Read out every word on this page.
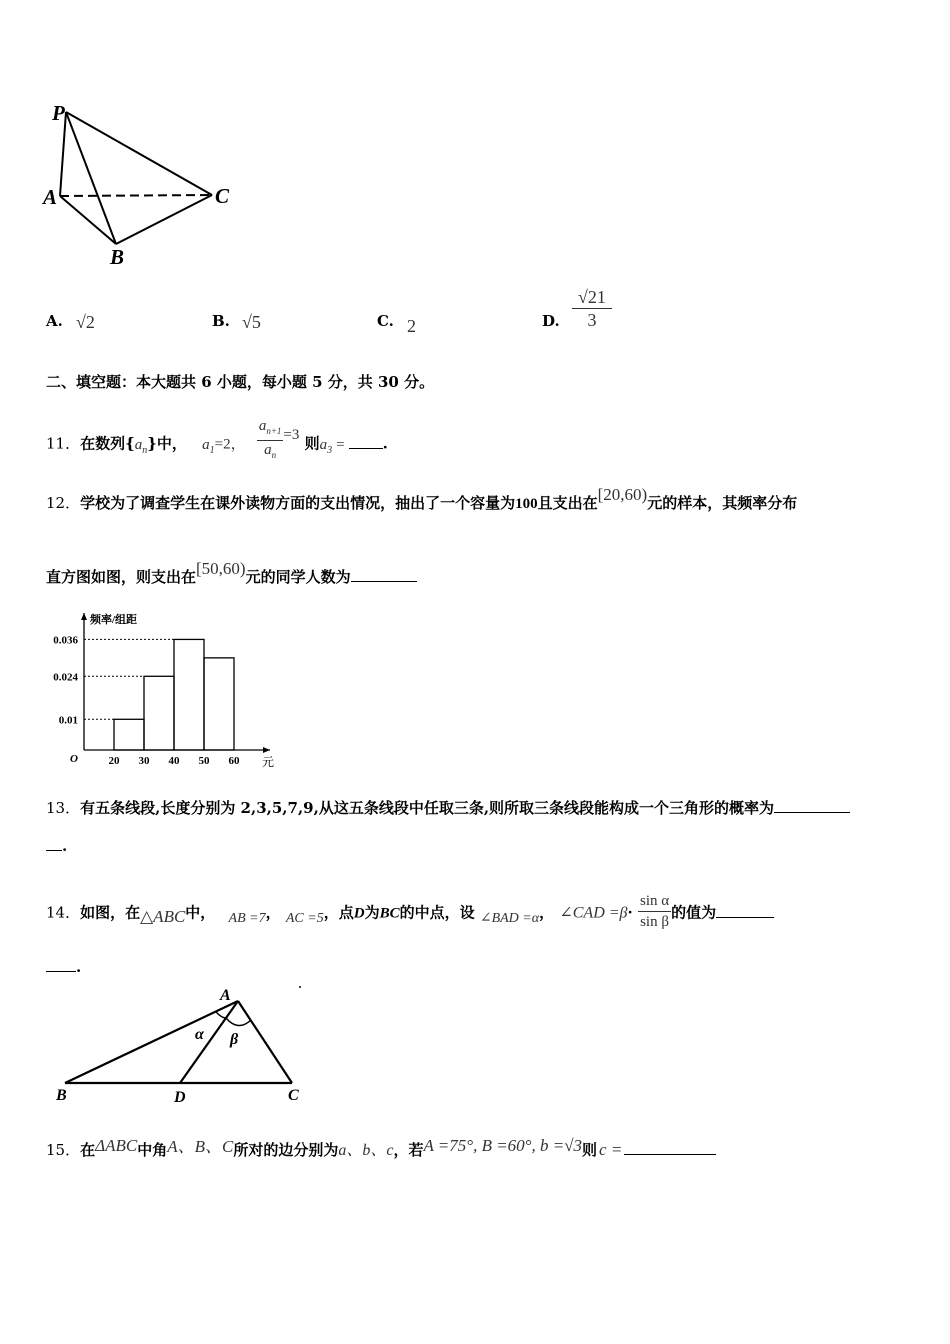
P
A
B
C
A. √2	B. √5	C. 2	D. $\frac{√21}{3}$
二、填空题：本大题共 6 小题，每小题 5 分，共 30 分。
11．在数列$\{a_n\}$中， $a_1=2$， $\frac{a_{n+1}}{a_n} =3$ 则$a_3$ =	.
12．学校为了调查学生在课外读物方面的支出情况，抽出了一个容量为100且支出在[20,60)元的样本，其频率分布
直方图如图，则支出在[50,60)元的同学人数为
频率/组距
元
O
0.01
0.024
0.036
20 30 40 50 60
13．有五条线段,长度分别为 2,3,5,7,9,从这五条线段中任取三条,则所取三条线段能构成一个三角形的概率为
.
14．如图，在△ABC中， AB =7， AC =5，点D为BC的中点，设 ∠BAD =α， ∠CAD $=\beta\cdot \frac{\text{sin α}}{\text{sin β}}$ 的值为
.
A
B	C
D
α β
15．在ΔABC中角A、B、C所对的边分别为a、b、c，若A =75°, B =60°, b =√3则 c =
